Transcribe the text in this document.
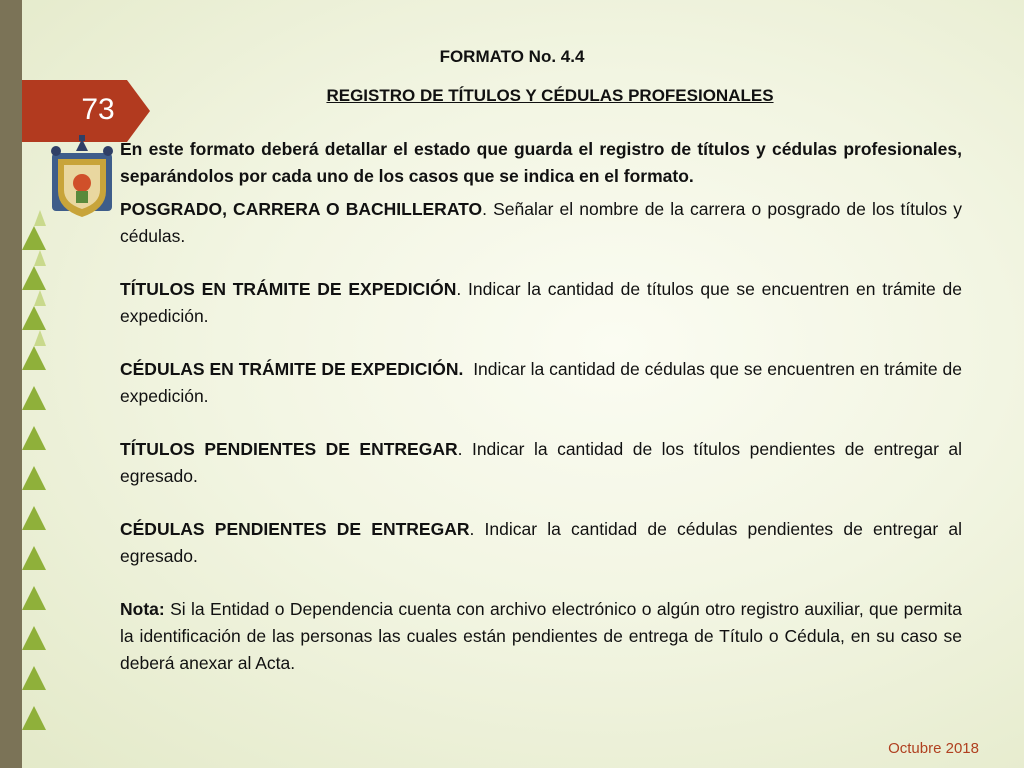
73
FORMATO No. 4.4
REGISTRO DE TÍTULOS Y CÉDULAS PROFESIONALES

En este formato deberá detallar el estado que guarda el registro de títulos y cédulas profesionales, separándolos por cada uno de los casos que se indica en el formato.

POSGRADO, CARRERA O BACHILLERATO. Señalar el nombre de la carrera o posgrado de los títulos y cédulas.

TÍTULOS EN TRÁMITE DE EXPEDICIÓN. Indicar la cantidad de títulos que se encuentren en trámite de expedición.

CÉDULAS EN TRÁMITE DE EXPEDICIÓN.  Indicar la cantidad de cédulas que se encuentren en trámite de expedición.

TÍTULOS PENDIENTES DE ENTREGAR. Indicar la cantidad de los títulos pendientes de entregar al egresado.

CÉDULAS PENDIENTES DE ENTREGAR. Indicar la cantidad de cédulas pendientes de entregar al egresado.

Nota: Si la Entidad o Dependencia cuenta con archivo electrónico o algún otro registro auxiliar, que permita la identificación de las personas las cuales están pendientes de entrega de Título o Cédula, en su caso se deberá anexar al Acta.

Octubre 2018
